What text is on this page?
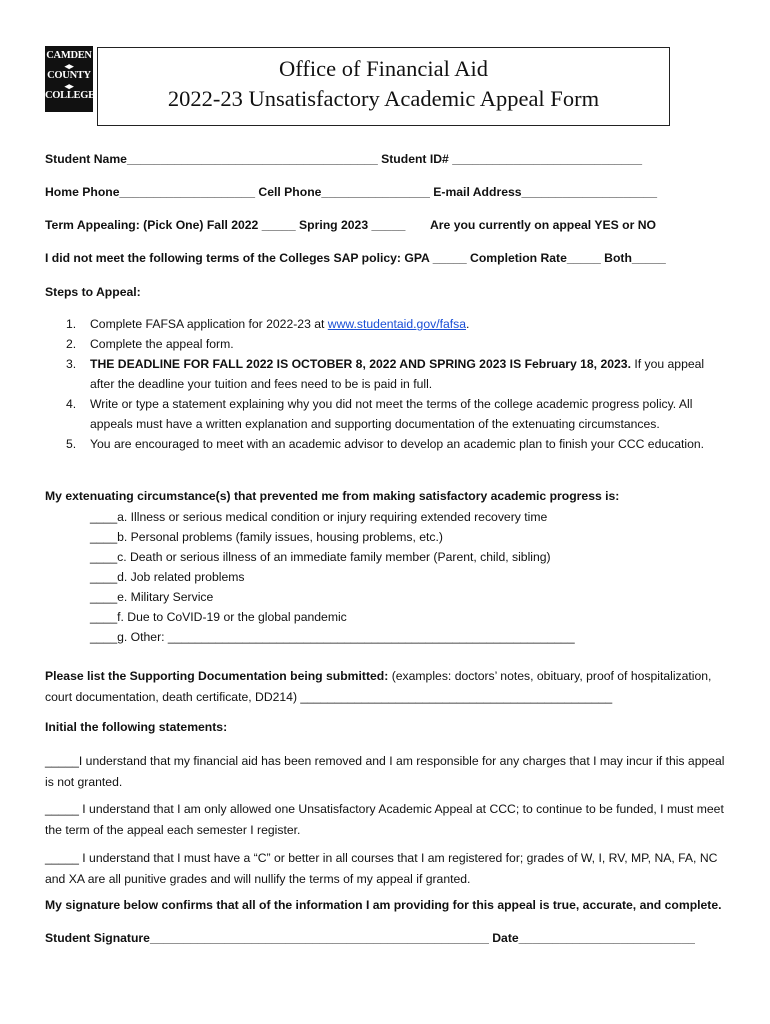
CAMDEN
◂▸
COUNTY
◂▸
COLLEGE
Office of Financial Aid
2022-23 Unsatisfactory Academic Appeal Form
Student Name_____________________________________ Student ID# ____________________________
Home Phone____________________ Cell Phone________________ E-mail Address____________________
Term Appealing: (Pick One) Fall 2022 _____ Spring 2023 _____ Are you currently on appeal YES or NO
I did not meet the following terms of the Colleges SAP policy: GPA _____ Completion Rate_____ Both_____
Steps to Appeal:
1. Complete FAFSA application for 2022-23 at www.studentaid.gov/fafsa.
2. Complete the appeal form.
3. THE DEADLINE FOR FALL 2022 IS OCTOBER 8, 2022 AND SPRING 2023 IS February 18, 2023. If you appeal after the deadline your tuition and fees need to be is paid in full.
4. Write or type a statement explaining why you did not meet the terms of the college academic progress policy. All appeals must have a written explanation and supporting documentation of the extenuating circumstances.
5. You are encouraged to meet with an academic advisor to develop an academic plan to finish your CCC education.
My extenuating circumstance(s) that prevented me from making satisfactory academic progress is:
____a. Illness or serious medical condition or injury requiring extended recovery time
____b. Personal problems (family issues, housing problems, etc.)
____c. Death or serious illness of an immediate family member (Parent, child, sibling)
____d. Job related problems
____e. Military Service
____f. Due to CoVID-19 or the global pandemic
____g. Other: ____________________________________________________________
Please list the Supporting Documentation being submitted: (examples: doctors’ notes, obituary, proof of hospitalization, court documentation, death certificate, DD214) ______________________________________________
Initial the following statements:
_____I understand that my financial aid has been removed and I am responsible for any charges that I may incur if this appeal is not granted.
_____ I understand that I am only allowed one Unsatisfactory Academic Appeal at CCC; to continue to be funded, I must meet the term of the appeal each semester I register.
_____ I understand that I must have a “C” or better in all courses that I am registered for; grades of W, I, RV, MP, NA, FA, NC and XA are all punitive grades and will nullify the terms of my appeal if granted.
My signature below confirms that all of the information I am providing for this appeal is true, accurate, and complete.
Student Signature__________________________________________________ Date__________________________
